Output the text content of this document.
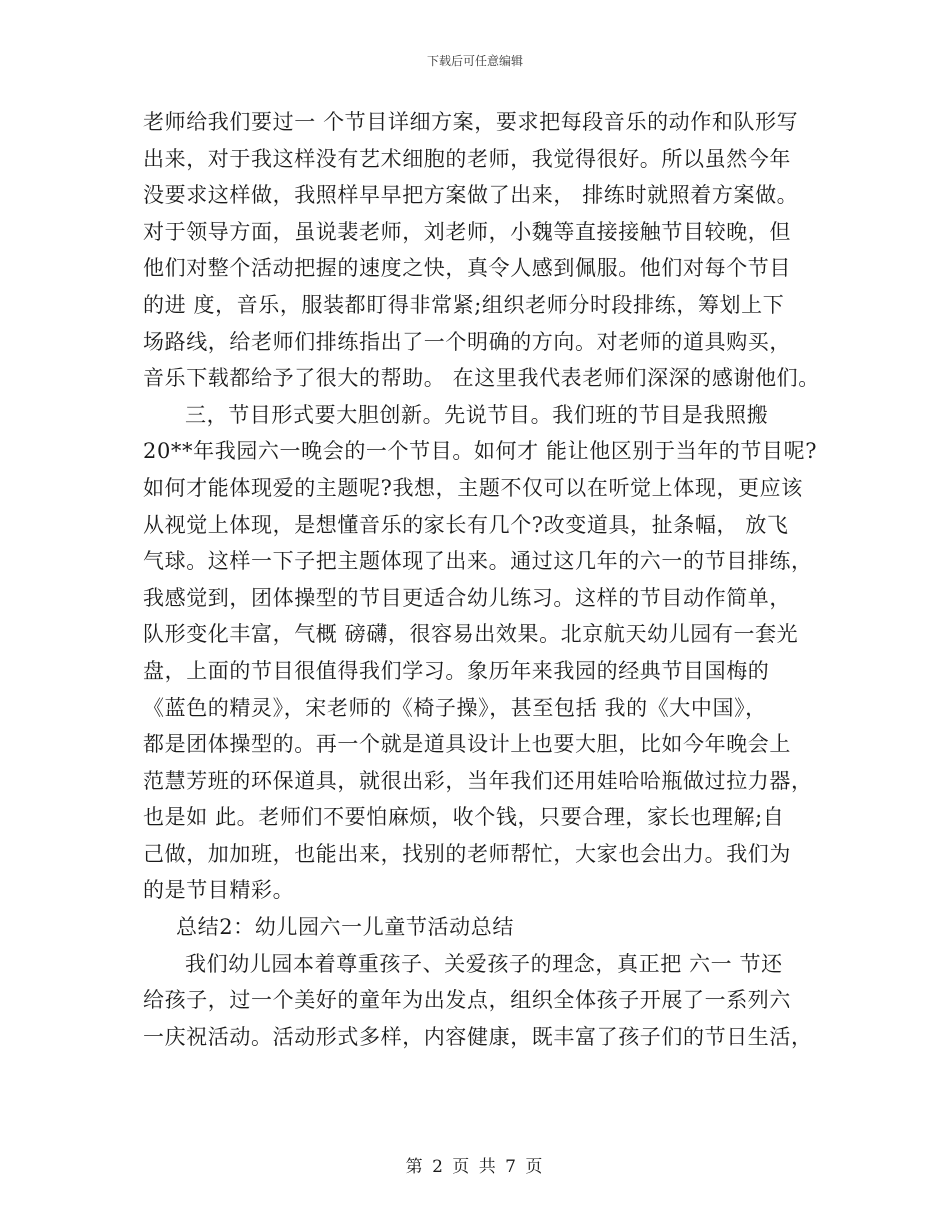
下载后可任意编辑
老师给我们要过一 个节目详细方案，要求把每段音乐的动作和队形写
出来，对于我这样没有艺术细胞的老师，我觉得很好。所以虽然今年
没要求这样做，我照样早早把方案做了出来， 排练时就照着方案做。
对于领导方面，虽说裴老师，刘老师，小魏等直接接触节目较晚，但
他们对整个活动把握的速度之快，真令人感到佩服。他们对每个节目
的进 度，音乐，服装都盯得非常紧;组织老师分时段排练，筹划上下
场路线，给老师们排练指出了一个明确的方向。对老师的道具购买，
音乐下载都给予了很大的帮助。 在这里我代表老师们深深的感谢他们。
三，节目形式要大胆创新。先说节目。我们班的节目是我照搬
20**年我园六一晚会的一个节目。如何才 能让他区别于当年的节目呢?
如何才能体现爱的主题呢?我想，主题不仅可以在听觉上体现，更应该
从视觉上体现，是想懂音乐的家长有几个?改变道具，扯条幅， 放飞
气球。这样一下子把主题体现了出来。通过这几年的六一的节目排练，
我感觉到，团体操型的节目更适合幼儿练习。这样的节目动作简单，
队形变化丰富，气概 磅礴，很容易出效果。北京航天幼儿园有一套光
盘，上面的节目很值得我们学习。象历年来我园的经典节目国梅的
《蓝色的精灵》，宋老师的《椅子操》，甚至包括 我的《大中国》，
都是团体操型的。再一个就是道具设计上也要大胆，比如今年晚会上
范慧芳班的环保道具，就很出彩，当年我们还用娃哈哈瓶做过拉力器，
也是如 此。老师们不要怕麻烦，收个钱，只要合理，家长也理解;自
己做，加加班，也能出来，找别的老师帮忙，大家也会出力。我们为
的是节目精彩。
总结2：幼儿园六一儿童节活动总结
我们幼儿园本着尊重孩子、关爱孩子的理念，真正把 六一 节还
给孩子，过一个美好的童年为出发点，组织全体孩子开展了一系列六
一庆祝活动。活动形式多样，内容健康，既丰富了孩子们的节日生活，
第 2 页 共 7 页
